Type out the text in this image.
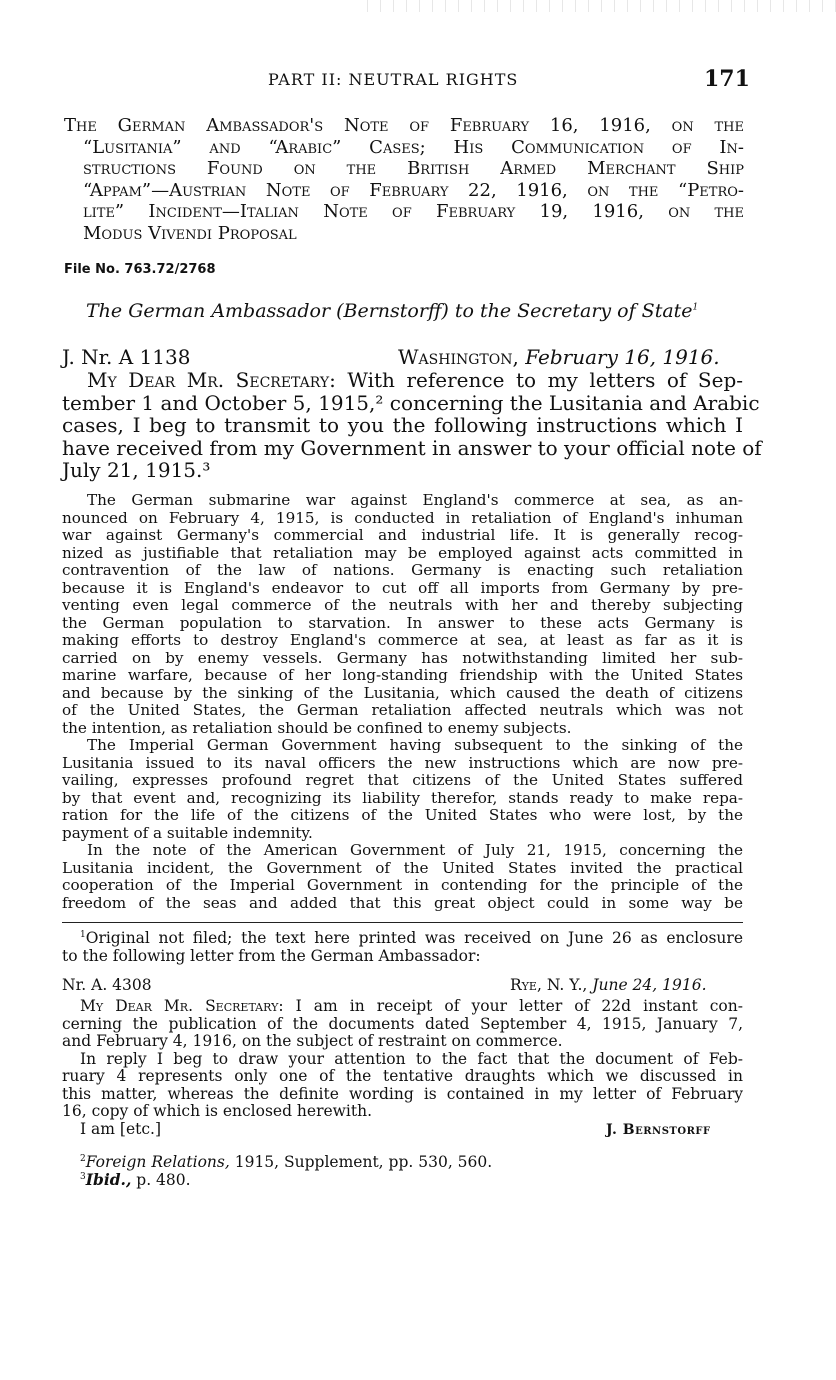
PART II: NEUTRAL RIGHTS	171
The German Ambassador's Note of February 16, 1916, on the
“Lusitania” and “Arabic” Cases; His Communication of In-
structions Found on the British Armed Merchant Ship
“Appam”—Austrian Note of February 22, 1916, on the “Petro-
lite” Incident—Italian Note of February 19, 1916, on the
Modus Vivendi Proposal
File No. 763.72/2768
The German Ambassador (Bernstorff) to the Secretary of State$^1$
J. Nr. A 1138	Washington, February 16, 1916.
My Dear Mr. Secretary: With reference to my letters of Sep-
tember 1 and October 5, 1915,² concerning the Lusitania and Arabic
cases, I beg to transmit to you the following instructions which I
have received from my Government in answer to your official note of
July 21, 1915.³
The German submarine war against England's commerce at sea, as an-
nounced on February 4, 1915, is conducted in retaliation of England's inhuman
war against Germany's commercial and industrial life. It is generally recog-
nized as justifiable that retaliation may be employed against acts committed in
contravention of the law of nations. Germany is enacting such retaliation
because it is England's endeavor to cut off all imports from Germany by pre-
venting even legal commerce of the neutrals with her and thereby subjecting
the German population to starvation. In answer to these acts Germany is
making efforts to destroy England's commerce at sea, at least as far as it is
carried on by enemy vessels. Germany has notwithstanding limited her sub-
marine warfare, because of her long-standing friendship with the United States
and because by the sinking of the Lusitania, which caused the death of citizens
of the United States, the German retaliation affected neutrals which was not
the intention, as retaliation should be confined to enemy subjects.
The Imperial German Government having subsequent to the sinking of the
Lusitania issued to its naval officers the new instructions which are now pre-
vailing, expresses profound regret that citizens of the United States suffered
by that event and, recognizing its liability therefor, stands ready to make repa-
ration for the life of the citizens of the United States who were lost, by the
payment of a suitable indemnity.
In the note of the American Government of July 21, 1915, concerning the
Lusitania incident, the Government of the United States invited the practical
cooperation of the Imperial Government in contending for the principle of the
freedom of the seas and added that this great object could in some way be
$^1$Original not filed; the text here printed was received on June 26 as enclosure
to the following letter from the German Ambassador:
Nr. A. 4308	Rye, N. Y., June 24, 1916.
My Dear Mr. Secretary: I am in receipt of your letter of 22d instant con-
cerning the publication of the documents dated September 4, 1915, January 7,
and February 4, 1916, on the subject of restraint on commerce.
In reply I beg to draw your attention to the fact that the document of Feb-
ruary 4 represents only one of the tentative draughts which we discussed in
this matter, whereas the definite wording is contained in my letter of February
16, copy of which is enclosed herewith.
I am [etc.]	J. Bernstorff
$^2$Foreign Relations, 1915, Supplement, pp. 530, 560.
$^3$Ibid., p. 480.
